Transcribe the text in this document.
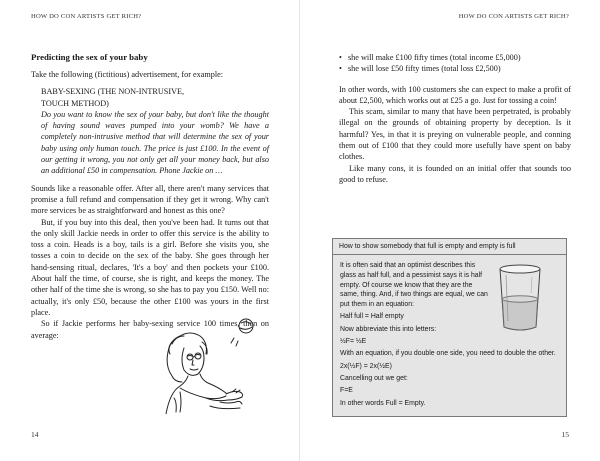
HOW DO CON ARTISTS GET RICH?
Predicting the sex of your baby

Take the following (fictitious) advertisement, for example:

BABY-SEXING (THE NON-INTRUSIVE,

TOUCH METHOD)

Do you want to know the sex of your baby, but don't like the thought of having sound waves pumped into your womb? We have a completely non-intrusive method that will determine the sex of your baby using only human touch. The price is just £100. In the event of our getting it wrong, you not only get all your money back, but also an additional £50 in compensation. Phone Jackie on …

Sounds like a reasonable offer. After all, there aren't many services that promise a full refund and compensation if they get it wrong. Why can't more services be as straightforward and honest as this one?

But, if you buy into this deal, then you've been had. It turns out that the only skill Jackie needs in order to offer this service is the ability to toss a coin. Heads is a boy, tails is a girl. Before she visits you, she tosses a coin to decide on the sex of the baby. She goes through her hand-sensing ritual, declares, 'It's a boy' and then pockets your £100. About half the time, of course, she is right, and keeps the money. The other half of the time she is wrong, so she has to pay you £150. Well no: actually, it's only £50, because the other £100 was yours in the first place.

So if Jackie performs her baby-sexing service 100 times, then on average:

14
HOW DO CON ARTISTS GET RICH?
• she will make £100 fifty times (total income £5,000)
• she will lose £50 fifty times (total loss £2,500)

In other words, with 100 customers she can expect to make a profit of about £2,500, which works out at £25 a go. Just for tossing a coin!

This scam, similar to many that have been perpetrated, is probably illegal on the grounds of obtaining property by deception. Is it harmful? Yes, in that it is preying on vulnerable people, and conning them out of £100 that they could more usefully have spent on baby clothes.

Like many cons, it is founded on an initial offer that sounds too good to refuse.

15
How to show somebody that full is empty and empty is full

It is often said that an optimist describes this glass as half full, and a pessimist says it is half empty. Of course we know that they are the same, thing. And, if two things are equal, we can put them in an equation:

Half full = Half empty

Now abbreviate this into letters:

½F= ½E

With an equation, if you double one side, you need to double the other.

2x(½F) = 2x(½E)

Cancelling out we get:

F=E

In other words Full = Empty.
